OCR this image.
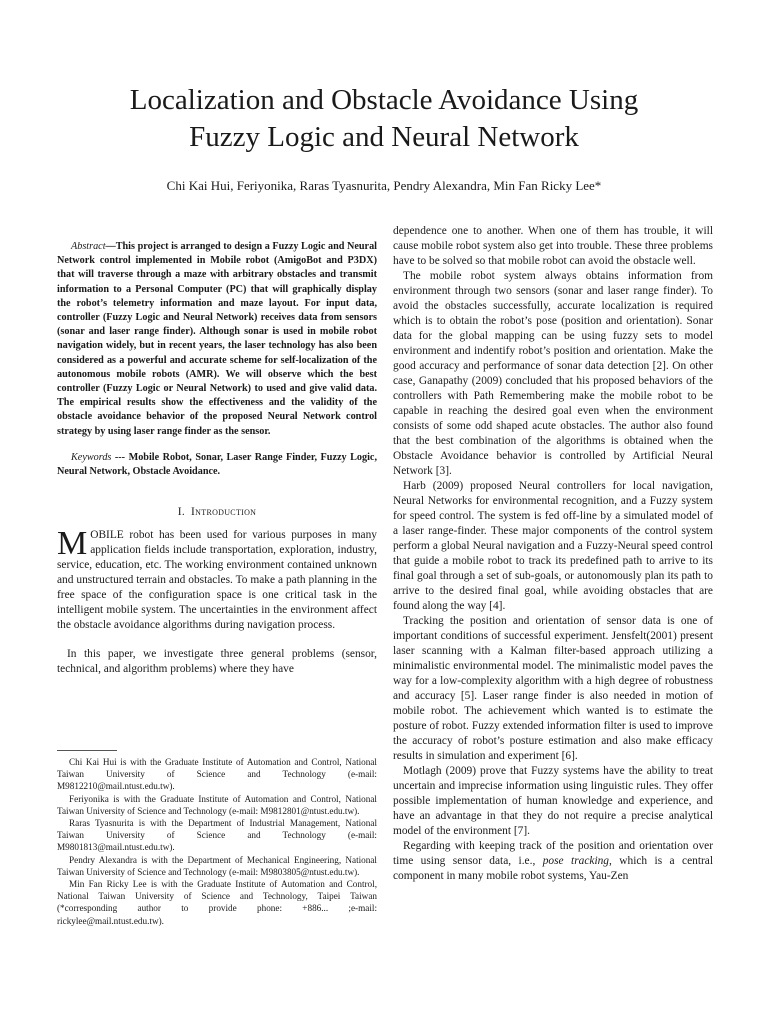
Localization and Obstacle Avoidance Using
Fuzzy Logic and Neural Network
Chi Kai Hui, Feriyonika, Raras Tyasnurita, Pendry Alexandra, Min Fan Ricky Lee*

Abstract—This project is arranged to design a Fuzzy Logic and Neural Network control implemented in Mobile robot (AmigoBot and P3DX) that will traverse through a maze with arbitrary obstacles and transmit information to a Personal Computer (PC) that will graphically display the robot’s telemetry information and maze layout. For input data, controller (Fuzzy Logic and Neural Network) receives data from sensors (sonar and laser range finder). Although sonar is used in mobile robot navigation widely, but in recent years, the laser technology has also been considered as a powerful and accurate scheme for self-localization of the autonomous mobile robots (AMR). We will observe which the best controller (Fuzzy Logic or Neural Network) to used and give valid data. The empirical results show the effectiveness and the validity of the obstacle avoidance behavior of the proposed Neural Network control strategy by using laser range finder as the sensor.

Keywords --- Mobile Robot, Sonar, Laser Range Finder, Fuzzy Logic, Neural Network, Obstacle Avoidance.

I. Introduction

MOBILE robot has been used for various purposes in many application fields include transportation, exploration, industry, service, education, etc. The working environment contained unknown and unstructured terrain and obstacles. To make a path planning in the free space of the configuration space is one critical task in the intelligent mobile system. The uncertainties in the environment affect the obstacle avoidance algorithms during navigation process.

In this paper, we investigate three general problems (sensor, technical, and algorithm problems) where they have

Chi Kai Hui is with the Graduate Institute of Automation and Control, National Taiwan University of Science and Technology (e-mail: M9812210@mail.ntust.edu.tw).

Feriyonika is with the Graduate Institute of Automation and Control, National Taiwan University of Science and Technology (e-mail: M9812801@ntust.edu.tw).

Raras Tyasnurita is with the Department of Industrial Management, National Taiwan University of Science and Technology (e-mail: M9801813@mail.ntust.edu.tw).

Pendry Alexandra is with the Department of Mechanical Engineering, National Taiwan University of Science and Technology (e-mail: M9803805@ntust.edu.tw).

Min Fan Ricky Lee is with the Graduate Institute of Automation and Control, National Taiwan University of Science and Technology, Taipei Taiwan (*corresponding author to provide phone: +886... ;e-mail: rickylee@mail.ntust.edu.tw).

dependence one to another. When one of them has trouble, it will cause mobile robot system also get into trouble. These three problems have to be solved so that mobile robot can avoid the obstacle well.

The mobile robot system always obtains information from environment through two sensors (sonar and laser range finder). To avoid the obstacles successfully, accurate localization is required which is to obtain the robot’s pose (position and orientation). Sonar data for the global mapping can be using fuzzy sets to model environment and indentify robot’s position and orientation. Make the good accuracy and performance of sonar data detection [2]. On other case, Ganapathy (2009) concluded that his proposed behaviors of the controllers with Path Remembering make the mobile robot to be capable in reaching the desired goal even when the environment consists of some odd shaped acute obstacles. The author also found that the best combination of the algorithms is obtained when the Obstacle Avoidance behavior is controlled by Artificial Neural Network [3].

Harb (2009) proposed Neural controllers for local navigation, Neural Networks for environmental recognition, and a Fuzzy system for speed control. The system is fed off-line by a simulated model of a laser range-finder. These major components of the control system perform a global Neural navigation and a Fuzzy-Neural speed control that guide a mobile robot to track its predefined path to arrive to its final goal through a set of sub-goals, or autonomously plan its path to arrive to the desired final goal, while avoiding obstacles that are found along the way [4].

Tracking the position and orientation of sensor data is one of important conditions of successful experiment. Jensfelt(2001) present laser scanning with a Kalman filter-based approach utilizing a minimalistic environmental model. The minimalistic model paves the way for a low-complexity algorithm with a high degree of robustness and accuracy [5]. Laser range finder is also needed in motion of mobile robot. The achievement which wanted is to estimate the posture of robot. Fuzzy extended information filter is used to improve the accuracy of robot’s posture estimation and also make efficacy results in simulation and experiment [6].

Motlagh (2009) prove that Fuzzy systems have the ability to treat uncertain and imprecise information using linguistic rules. They offer possible implementation of human knowledge and experience, and have an advantage in that they do not require a precise analytical model of the environment [7].

Regarding with keeping track of the position and orientation over time using sensor data, i.e., pose tracking, which is a central component in many mobile robot systems, Yau-Zen
